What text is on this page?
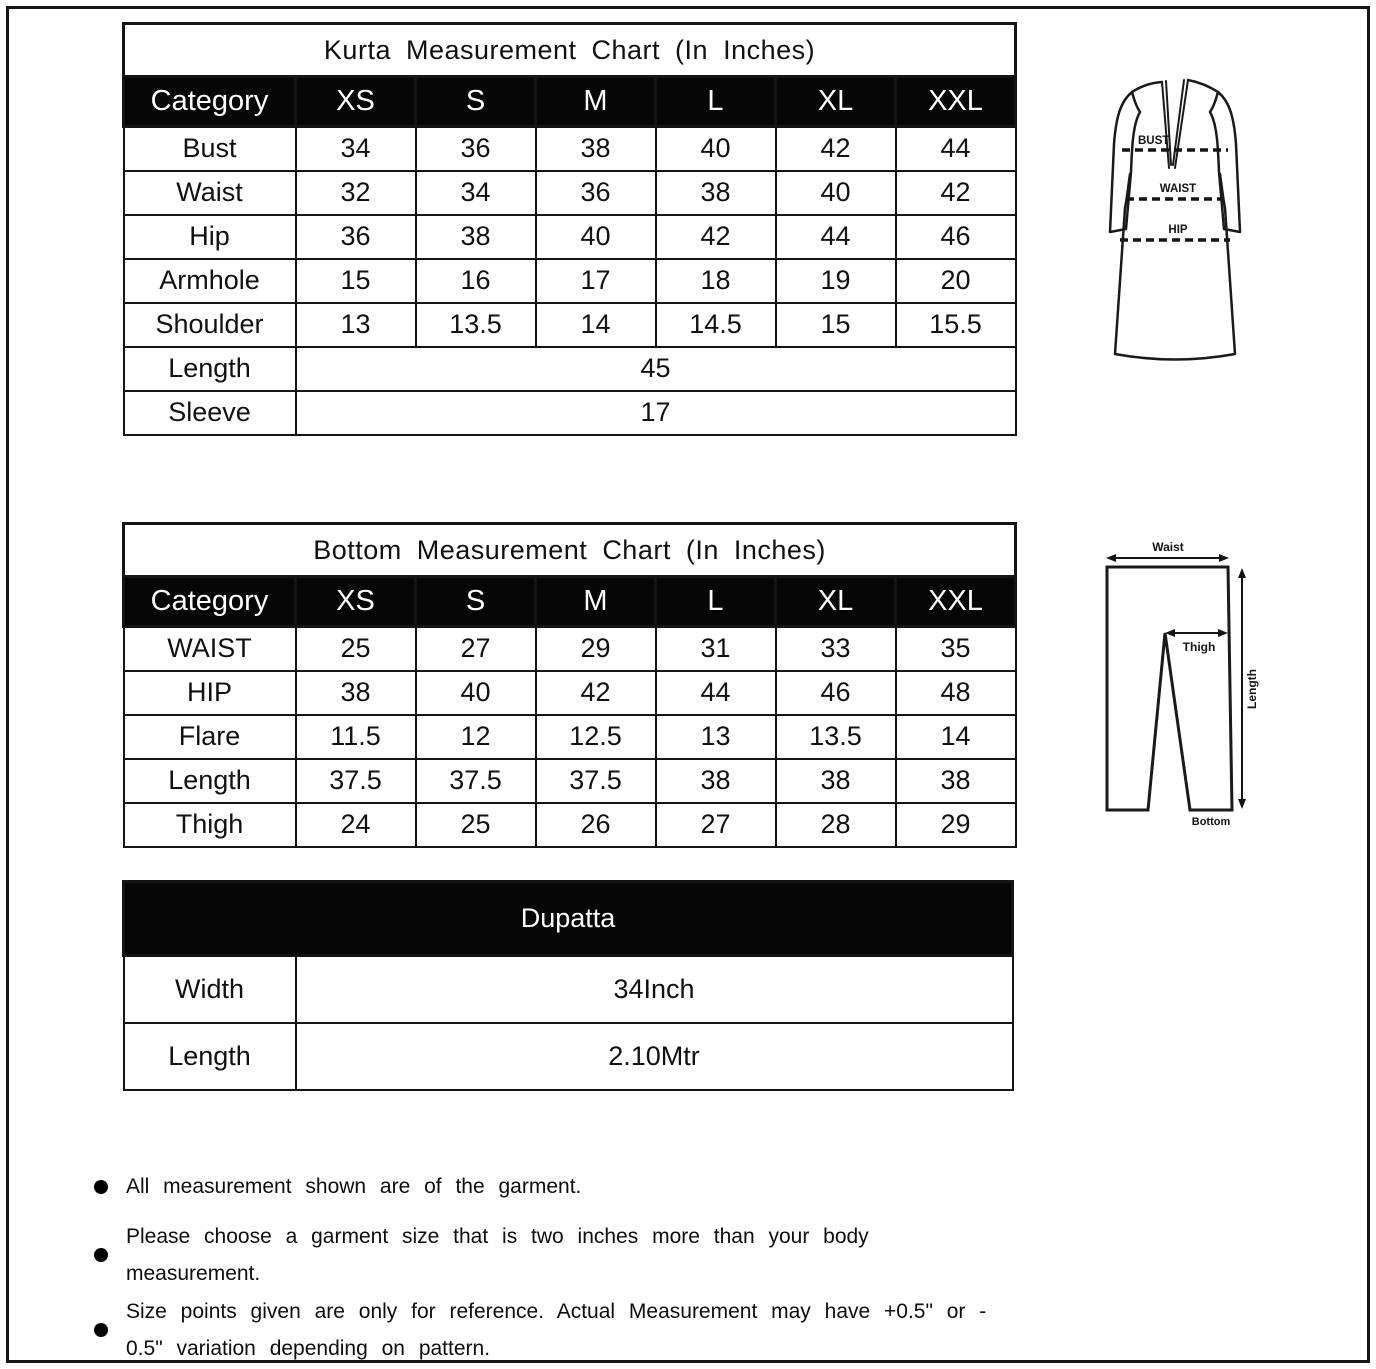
Kurta Measurement Chart (In Inches)						
Category	XS	S	M	L	XL	XXL
Bust	34	36	38	40	42	44
Waist	32	34	36	38	40	42
Hip	36	38	40	42	44	46
Armhole	15	16	17	18	19	20
Shoulder	13	13.5	14	14.5	15	15.5
Length	45					
Sleeve	17					
BUST
WAIST
HIP
Bottom Measurement Chart (In Inches)						
Category	XS	S	M	L	XL	XXL
WAIST	25	27	29	31	33	35
HIP	38	40	42	44	46	48
Flare	11.5	12	12.5	13	13.5	14
Length	37.5	37.5	37.5	38	38	38
Thigh	24	25	26	27	28	29
Waist
Thigh
Length
Bottom
Dupatta	
Width	34Inch
Length	2.10Mtr
All measurement shown are of the garment.
Please choose a garment size that is two inches more than your body
measurement.
Size points given are only for reference. Actual Measurement may have +0.5" or -
0.5" variation depending on pattern.
